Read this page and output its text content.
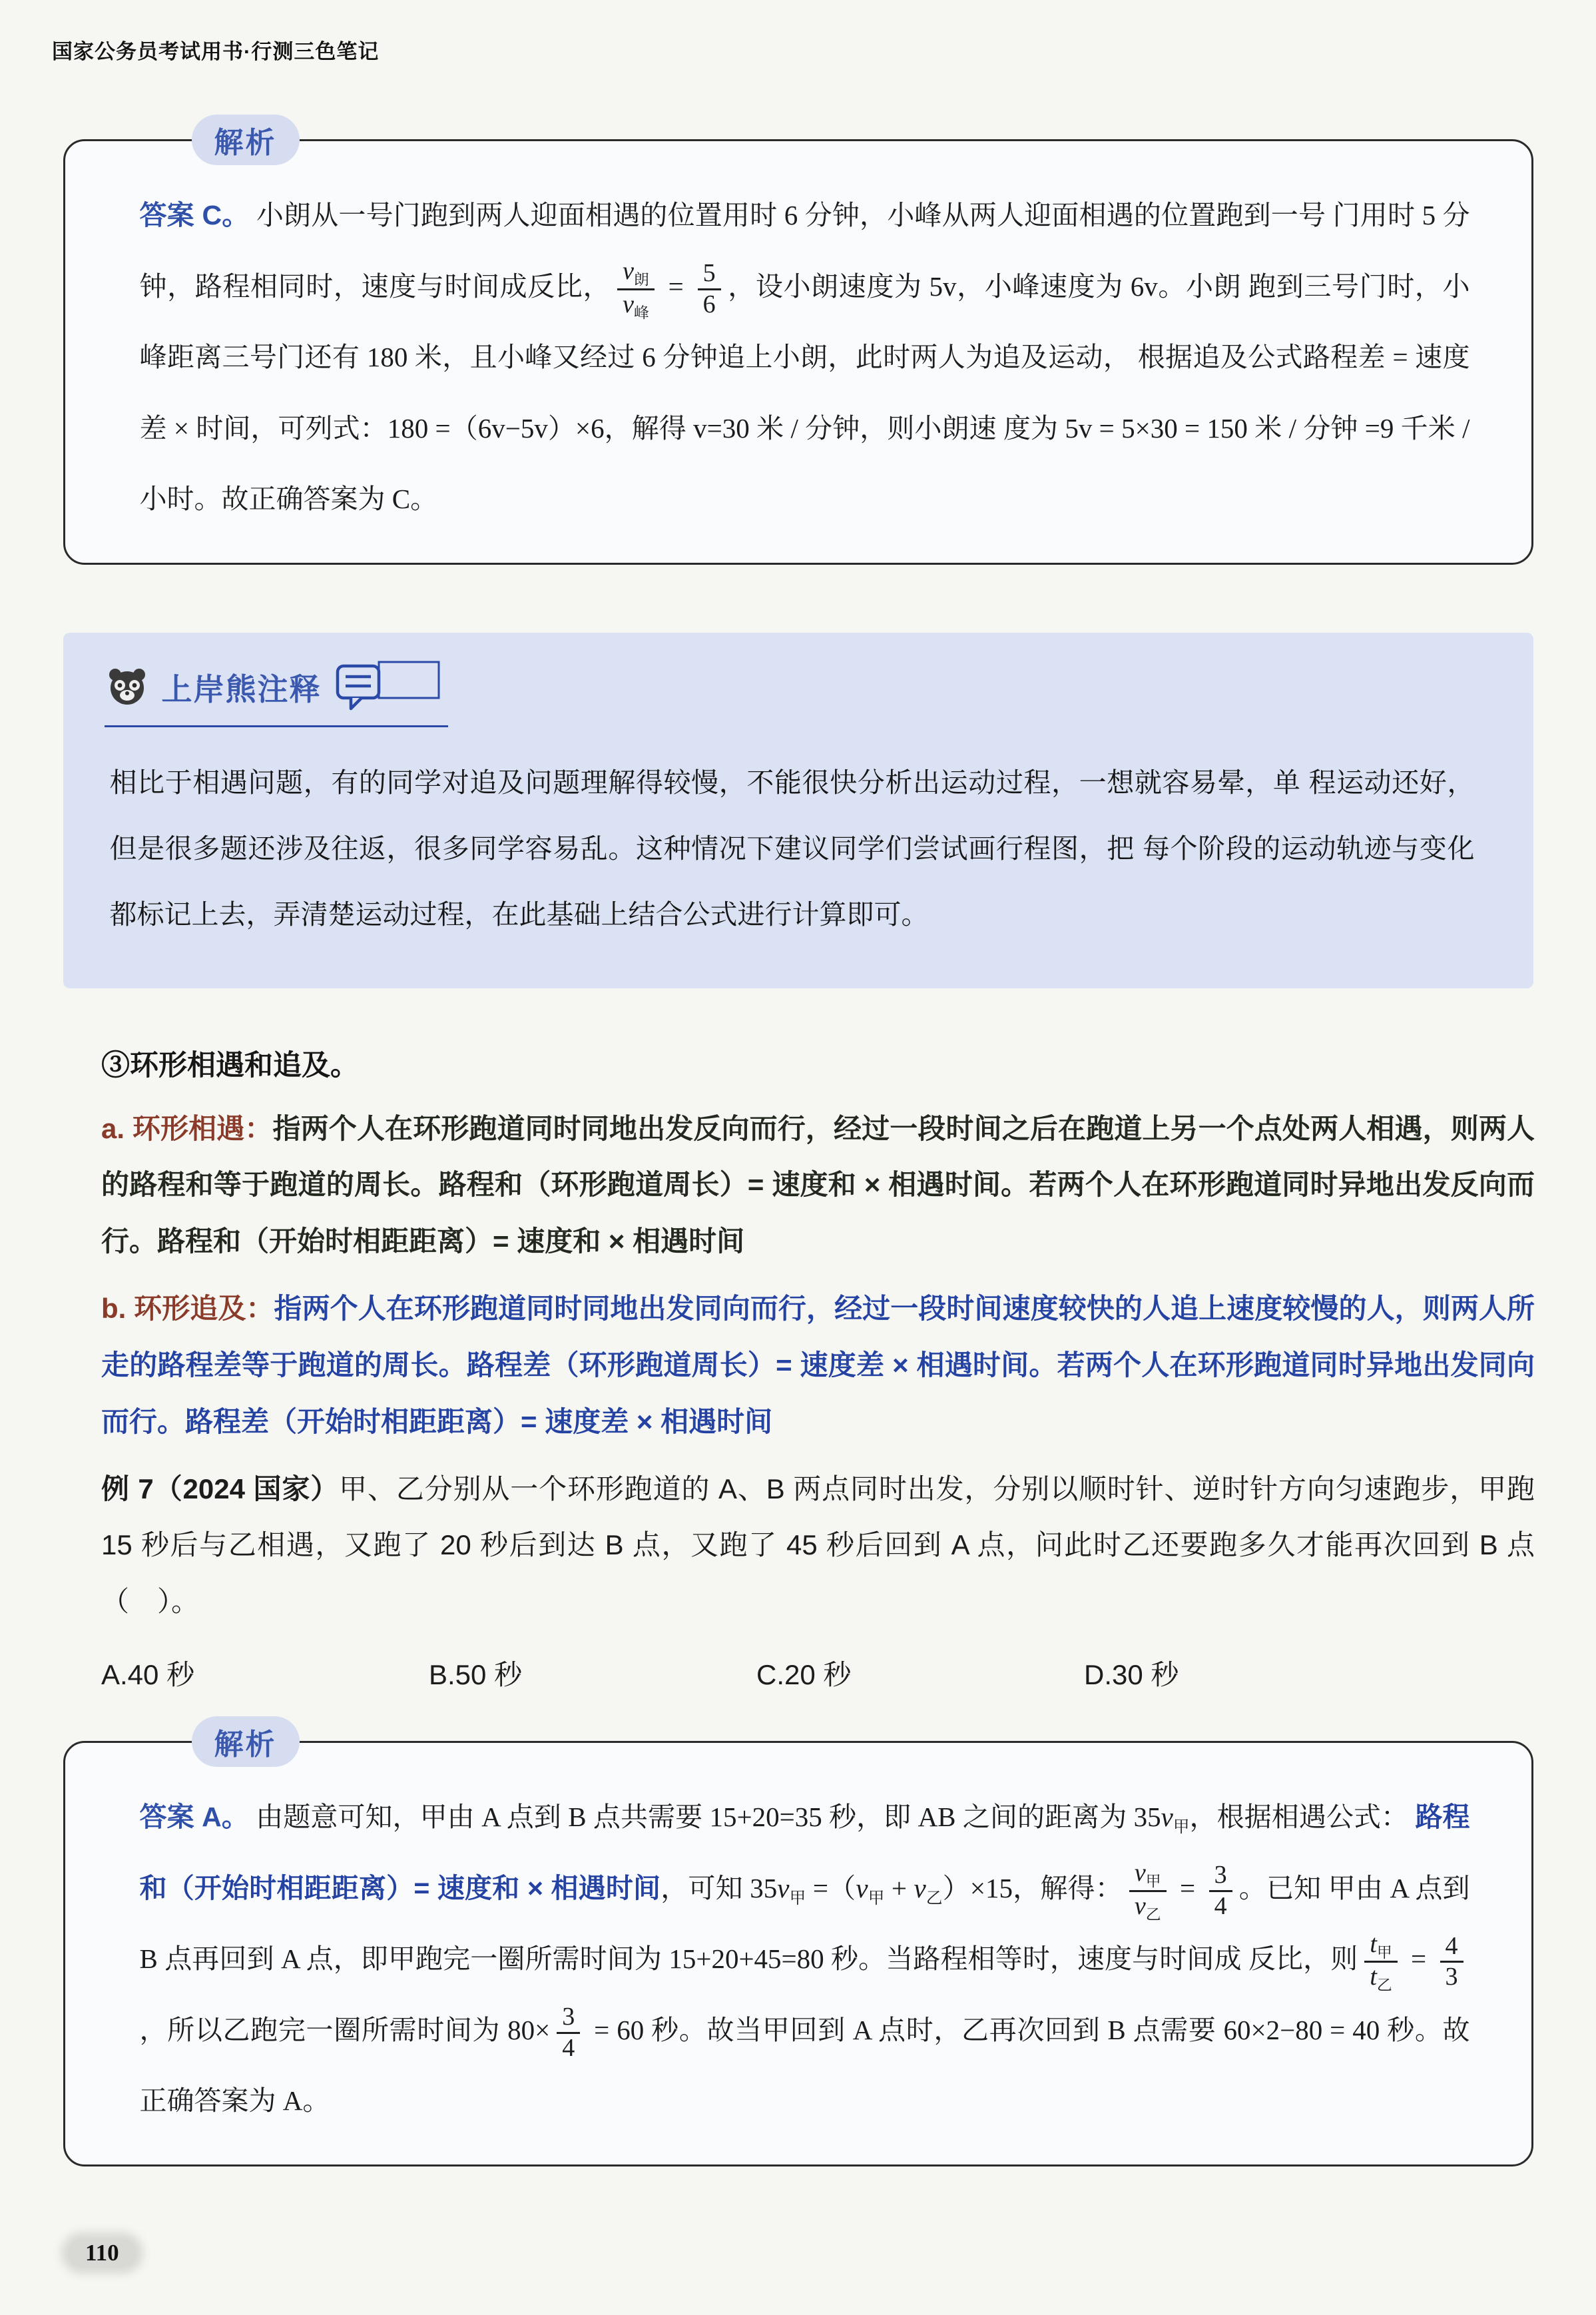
国家公务员考试用书·行测三色笔记
解析

答案 C。 小朗从一号门跑到两人迎面相遇的位置用时 6 分钟，小峰从两人迎面相遇的位置跑到一号 门用时 5 分钟，路程相同时，速度与时间成反比， $\frac{v_朗}{v_峰} = \frac{5}{6}$ ，设小朗速度为 5v，小峰速度为 6v。小朗 跑到三号门时，小峰距离三号门还有 180 米，且小峰又经过 6 分钟追上小朗，此时两人为追及运动， 根据追及公式路程差 = 速度差 × 时间，可列式：180 =（6v−5v）×6，解得 v=30 米 / 分钟，则小朗速 度为 5v = 5×30 = 150 米 / 分钟 =9 千米 / 小时。故正确答案为 C。

上岸熊注释

相比于相遇问题，有的同学对追及问题理解得较慢，不能很快分析出运动过程，一想就容易晕，单 程运动还好，但是很多题还涉及往返，很多同学容易乱。这种情况下建议同学们尝试画行程图，把 每个阶段的运动轨迹与变化都标记上去，弄清楚运动过程，在此基础上结合公式进行计算即可。

③环形相遇和追及。

a. 环形相遇：指两个人在环形跑道同时同地出发反向而行，经过一段时间之后在跑道上另一个点处两人相遇，则两人的路程和等于跑道的周长。路程和（环形跑道周长）= 速度和 × 相遇时间。若两个人在环形跑道同时异地出发反向而行。路程和（开始时相距距离）= 速度和 × 相遇时间

b. 环形追及：指两个人在环形跑道同时同地出发同向而行，经过一段时间速度较快的人追上速度较慢的人，则两人所走的路程差等于跑道的周长。路程差（环形跑道周长）= 速度差 × 相遇时间。若两个人在环形跑道同时异地出发同向而行。路程差（开始时相距距离）= 速度差 × 相遇时间

例 7（2024 国家）甲、乙分别从一个环形跑道的 A、B 两点同时出发，分别以顺时针、逆时针方向匀速跑步，甲跑 15 秒后与乙相遇，又跑了 20 秒后到达 B 点，又跑了 45 秒后回到 A 点，问此时乙还要跑多久才能再次回到 B 点（　）。

A.40 秒	B.50 秒	C.20 秒	D.30 秒
解析

答案 A。 由题意可知，甲由 A 点到 B 点共需要 15+20=35 秒，即 AB 之间的距离为 $35v_甲$，根据相遇公式： 路程和（开始时相距距离）= 速度和 × 相遇时间，可知 $35v_甲 =(v_甲 + v_乙)\times 15$，解得： $\frac{v_甲}{v_乙} = \frac{3}{4}$ 。已知 甲由 A 点到 B 点再回到 A 点，即甲跑完一圈所需时间为 15+20+45=80 秒。当路程相等时，速度与时间成 反比，则 $\frac{t_甲}{t_乙} = \frac{4}{3}$
，所以乙跑完一圈所需时间为 $80\times \frac{3}{4} = 60$ 秒。故当甲回到 A 点时，乙再次回到 B 点需要 60×2−80 = 40 秒。故正确答案为 A。

110
